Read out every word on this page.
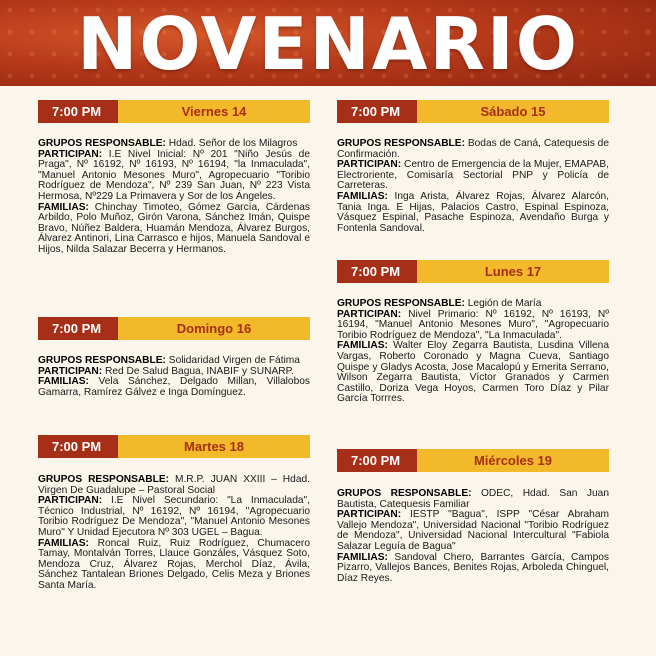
NOVENARIO
7:00 PM	Viernes 14

GRUPOS RESPONSABLE: Hdad. Señor de los Milagros

PARTICIPAN: I.E Nivel Inicial: Nº 201 "Niño Jesús de Praga", Nº 16192, Nº 16193, Nº 16194, "la Inmaculada", "Manuel Antonio Mesones Muro", Agropecuario "Toribio Rodríguez de Mendoza", Nº 239 San Juan, Nº 223 Vista Hermosa, Nº229 La Primavera y Sor de los Ángeles.

FAMILIAS: Chinchay Timoteo, Gómez García, Cárdenas Arbildo, Polo Muñoz, Girón Varona, Sánchez Imán, Quispe Bravo, Núñez Baldera, Huamán Mendoza, Álvarez Burgos, Álvarez Antinori, Lina Carrasco e hijos, Manuela Sandoval e Hijos, Nilda Salazar Becerra y Hermanos.

7:00 PM	Domingo 16

GRUPOS RESPONSABLE: Solidaridad Virgen de Fátima

PARTICIPAN: Red De Salud Bagua, INABIF y SUNARP.

FAMILIAS: Vela Sánchez, Delgado Millan, Villalobos Gamarra, Ramírez Gálvez e Inga Domínguez.

7:00 PM	Martes 18

GRUPOS RESPONSABLE: M.R.P. JUAN XXIII – Hdad. Virgen De Guadalupe – Pastoral Social

PARTICIPAN: I.E Nivel Secundario: "La Inmaculada", Técnico Industrial, Nº 16192, Nº 16194, "Agropecuario Toribio Rodríguez De Mendoza", "Manuel Antonio Mesones Muro" Y Unidad Ejecutora Nº 303 UGEL – Bagua.

FAMILIAS: Roncal Ruiz, Ruiz Rodríguez, Chumacero Tamay, Montalván Torres, Llauce Gonzáles, Vásquez Soto, Mendoza Cruz, Álvarez Rojas, Merchol Díaz, Ávila, Sánchez Tantalean Briones Delgado, Celis Meza y Briones Santa María.

7:00 PM	Sábado 15

GRUPOS RESPONSABLE: Bodas de Caná, Catequesis de Confirmación.

PARTICIPAN: Centro de Emergencia de la Mujer, EMAPAB, Electroriente, Comisaría Sectorial PNP y Policía de Carreteras.

FAMILIAS: Inga Arista, Álvarez Rojas, Álvarez Alarcón, Tania Inga. E Hijas, Palacios Castro, Espinal Espinoza, Vásquez Espinal, Pasache Espinoza, Avendaño Burga y Fontenla Sandoval.

7:00 PM	Lunes 17

GRUPOS RESPONSABLE: Legión de María

PARTICIPAN: Nivel Primario: Nº 16192, Nº 16193, Nº 16194, "Manuel Antonio Mesones Muro", "Agropecuario Toribio Rodríguez de Mendoza", "La Inmaculada".

FAMILIAS: Walter Eloy Zegarra Bautista, Lusdina Villena Vargas, Roberto Coronado y Magna Cueva, Santiago Quispe y Gladys Acosta, Jose Macalopú y Emerita Serrano, Wilson Zegarra Bautista, Víctor Granados y Carmen Castillo, Doriza Vega Hoyos, Carmen Toro Díaz y Pilar García Torrres.

7:00 PM	Miércoles 19

GRUPOS RESPONSABLE: ODEC, Hdad. San Juan Bautista, Catequesis Familiar

PARTICIPAN: IESTP "Bagua", ISPP "César Abraham Vallejo Mendoza", Universidad Nacional "Toribio Rodríguez de Mendoza", Universidad Nacional Intercultural "Fabiola Salazar Leguía de Bagua"

FAMILIAS: Sandoval Chero, Barrantes García, Campos Pizarro, Vallejos Bances, Benites Rojas, Arboleda Chinguel, Díaz Reyes.
